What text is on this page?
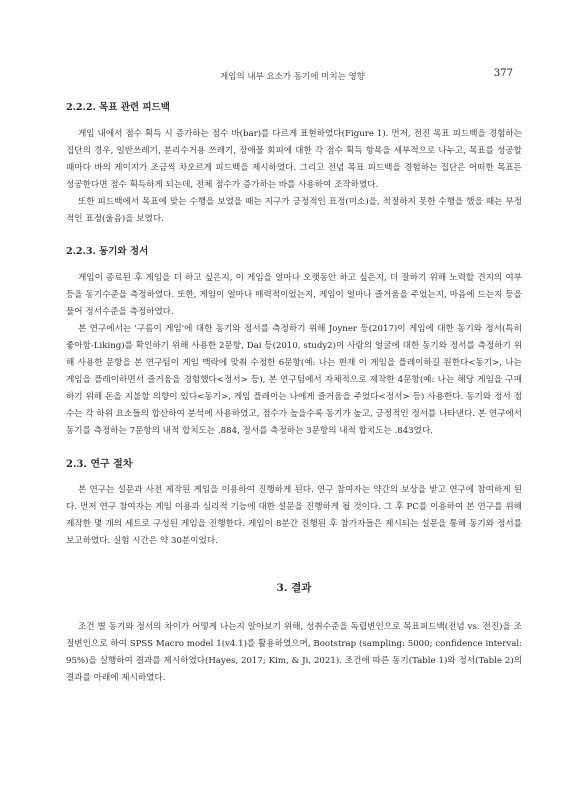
게임의 내부 요소가 동기에 미치는 영향	377
2.2.2. 목표 관련 피드백

게임 내에서 점수 획득 시 증가하는 점수 바(bar)를 다르게 표현하였다(Figure 1). 먼저, 전진 목표 피드백을 경험하는 집단의 경우, 일반쓰레기, 분리수거용 쓰레기, 장애물 회피에 대한 각 점수 획득 항목을 세부적으로 나누고, 목표를 성공할 때마다 바의 게이지가 조금씩 차오르게 피드백을 제시하였다. 그리고 전념 목표 피드백을 경험하는 집단은 어떠한 목표든 성공한다면 점수 획득하게 되는데, 전체 점수가 증가하는 바를 사용하여 조작하였다.

또한 피드백에서 목표에 맞는 수행을 보였을 때는 지구가 긍정적인 표정(미소)을, 적절하지 못한 수행을 했을 때는 부정적인 표정(울음)을 보였다.

2.2.3. 동기와 정서

게임이 종료된 후 게임을 더 하고 싶은지, 이 게임을 얼마나 오랫동안 하고 싶은지, 더 잘하기 위해 노력할 견지의 여부 등을 동기수준을 측정하였다. 또한, 게임이 얼마나 매력적이었는지, 게임이 얼마나 즐거움을 주었는지, 마음에 드는지 등을 물어 정서수준을 측정하였다.

본 연구에서는 '구름이 게임'에 대한 동기와 정서를 측정하기 위해 Joyner 등(2017)이 게임에 대한 동기와 정서(특히 좋아함-Liking)를 확인하기 위해 사용한 2문항, Dai 등(2010, study2)이 사람의 얼굴에 대한 동기와 정서를 측정하기 위해 사용한 문항을 본 연구팀이 게임 맥락에 맞춰 수정한 6문항(예: 나는 현재 이 게임을 플레이하길 원한다<동기>, 나는 게임을 플레이하면서 즐거움을 경험했다<정서> 등), 본 연구팀에서 자체적으로 제작한 4문항(예: 나는 해당 게임을 구매하기 위해 돈을 지불할 의향이 있다<동기>, 게임 플레이는 나에게 즐거움을 주었다<정서> 등) 사용한다. 동기와 정서 점수는 각 하위 요소들의 합산하여 분석에 사용하였고, 점수가 높을수록 동기가 높고, 긍정적인 정서를 나타낸다. 본 연구에서 동기를 측정하는 7문항의 내적 합치도는 .884, 정서를 측정하는 3문항의 내적 합치도는 .843였다.

2.3. 연구 절차

본 연구는 설문과 사전 제작된 게임을 이용하여 진행하게 된다. 연구 참여자는 약간의 보상을 받고 연구에 참여하게 된다. 먼저 연구 참여자는 게임 이용과 심리적 기능에 대한 설문을 진행하게 될 것이다. 그 후 PC를 이용하여 본 연구를 위해 제작한 몇 개의 세트로 구성된 게임을 진행한다. 게임이 8분간 진행된 후 참가자들은 제시되는 설문을 통해 동기와 정서를 보고하였다. 실험 시간은 약 30분이었다.

3. 결과

조건 별 동기와 정서의 차이가 어떻게 나는지 알아보기 위해, 성취수준을 독립변인으로 목표피드백(전념 vs. 전진)을 조절변인으로 하여 SPSS Macro model 1(v4.1)를 활용하였으며, Bootstrap (sampling: 5000; confidence interval: 95%)을 실행하여 결과를 제시하였다(Hayes, 2017; Kim, & Ji, 2021). 조건에 따른 동기(Table 1)와 정서(Table 2)의 결과를 아래에 제시하였다.
